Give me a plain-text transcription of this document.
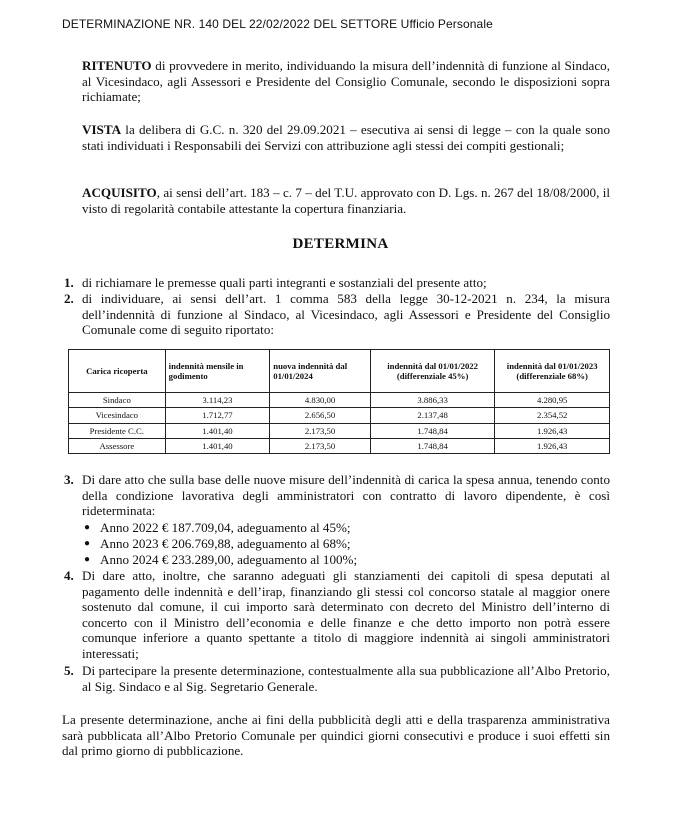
DETERMINAZIONE NR. 140 DEL 22/02/2022 DEL SETTORE Ufficio Personale
RITENUTO di provvedere in merito, individuando la misura dell’indennità di funzione al Sindaco, al Vicesindaco, agli Assessori e Presidente del Consiglio Comunale, secondo le disposizioni sopra richiamate;
VISTA la delibera di G.C. n. 320 del 29.09.2021 – esecutiva ai sensi di legge – con la quale sono stati individuati i Responsabili dei Servizi con attribuzione agli stessi dei compiti gestionali;
ACQUISITO, ai sensi dell’art. 183 – c. 7 – del T.U. approvato con D. Lgs. n. 267 del 18/08/2000, il visto di regolarità contabile attestante la copertura finanziaria.
DETERMINA
1. di richiamare le premesse quali parti integranti e sostanziali del presente atto;
2. di individuare, ai sensi dell’art. 1 comma 583 della legge 30-12-2021 n. 234, la misura dell’indennità di funzione al Sindaco, al Vicesindaco, agli Assessori e Presidente del Consiglio Comunale come di seguito riportato:
Carica ricoperta	indennità mensile in godimento	nuova indennità dal 01/01/2024	indennità dal 01/01/2022 (differenziale 45%)	indennità dal 01/01/2023 (differenziale 68%)
Sindaco	3.114,23	4.830,00	3.886,33	4.280,95
Vicesindaco	1.712,77	2.656,50	2.137,48	2.354,52
Presidente C.C.	1.401,40	2.173,50	1.748,84	1.926,43
Assessore	1.401,40	2.173,50	1.748,84	1.926,43
3. Di dare atto che sulla base delle nuove misure dell’indennità di carica la spesa annua, tenendo conto della condizione lavorativa degli amministratori con contratto di lavoro dipendente, è così rideterminata:
● Anno 2022 € 187.709,04, adeguamento al 45%;
● Anno 2023 € 206.769,88, adeguamento al 68%;
● Anno 2024 € 233.289,00, adeguamento al 100%;
4. Di dare atto, inoltre, che saranno adeguati gli stanziamenti dei capitoli di spesa deputati al pagamento delle indennità e dell’irap, finanziando gli stessi col concorso statale al maggior onere sostenuto dal comune, il cui importo sarà determinato con decreto del Ministro dell’interno di concerto con il Ministro dell’economia e delle finanze e che detto importo non potrà essere comunque inferiore a quanto spettante a titolo di maggiore indennità ai singoli amministratori interessati;
5. Di partecipare la presente determinazione, contestualmente alla sua pubblicazione all’Albo Pretorio, al Sig. Sindaco e al Sig. Segretario Generale.
La presente determinazione, anche ai fini della pubblicità degli atti e della trasparenza amministrativa sarà pubblicata all’Albo Pretorio Comunale per quindici giorni consecutivi e produce i suoi effetti sin dal primo giorno di pubblicazione.
